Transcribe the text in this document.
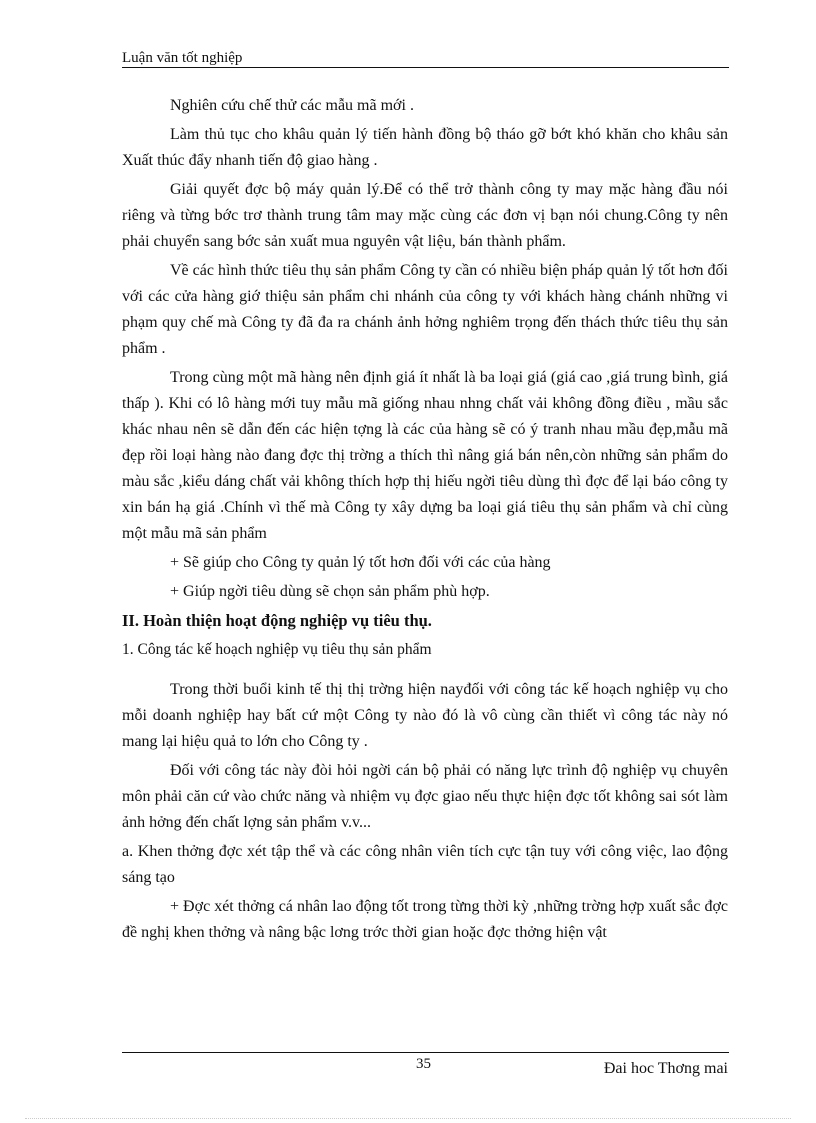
Luận văn tốt nghiệp

Nghiên cứu chế thử các mẫu mã mới .

Làm thủ tục cho khâu quản lý tiến hành đồng bộ tháo gỡ bớt khó khăn cho khâu sản Xuất thúc đẩy nhanh tiến độ giao hàng .

Giải quyết đợc bộ máy quản lý.Để có thể trở thành công ty may mặc hàng đầu nói riêng và từng bớc trơ thành trung tâm may mặc cùng các đơn vị bạn nói chung.Công ty nên phải chuyển sang bớc sản xuất mua nguyên vật liệu, bán thành phẩm.

Về các hình thức tiêu thụ sản phẩm Công ty cần có nhiều biện pháp quản lý tốt hơn đối với các cửa hàng giớ thiệu sản phẩm chi nhánh của công ty với khách hàng chánh những vi phạm quy chế mà Công ty đã đa ra chánh ảnh hởng nghiêm trọng đến thách thức tiêu thụ sản phẩm .

Trong cùng một mã hàng nên định giá ít nhất là ba loại giá (giá cao ,giá trung bình, giá thấp ). Khi có lô hàng mới tuy mẫu mã giống nhau nhng chất vải không đồng điều , mầu sắc khác nhau nên sẽ dẫn đến các hiện tợng là các của hàng sẽ có ý tranh nhau mầu đẹp,mẫu mã đẹp rồi loại hàng nào đang đợc thị trờng a thích thì nâng giá bán nên,còn những sản phẩm do màu sắc ,kiểu dáng chất vải không thích hợp thị hiếu ngời tiêu dùng thì đợc để lại báo công ty xin bán hạ giá .Chính vì thế mà Công ty xây dựng ba loại giá tiêu thụ sản phẩm và chỉ cùng một mẫu mã sản phẩm

+ Sẽ giúp cho Công ty quản lý tốt hơn đối với các của hàng

+ Giúp ngời tiêu dùng sẽ chọn sản phẩm phù hợp.

II. Hoàn thiện hoạt động nghiệp vụ tiêu thụ.

1. Công tác kế hoạch nghiệp vụ tiêu thụ sản phẩm

Trong thời buổi kinh tế thị thị trờng hiện nayđối với công tác kế hoạch nghiệp vụ cho mỗi doanh nghiệp hay bất cứ một Công ty nào đó là vô cùng cần thiết vì công tác này nó mang lại hiệu quả to lớn cho Công ty .

Đối với công tác này đòi hỏi ngời cán bộ phải có năng lực trình độ nghiệp vụ chuyên môn phải căn cứ vào chức năng và nhiệm vụ đợc giao nếu thực hiện đợc tốt không sai sót làm ảnh hởng đến chất lợng sản phẩm v.v...

a. Khen thởng đợc xét tập thể và các công nhân viên tích cực tận tuy với công việc, lao động sáng tạo

+ Đợc xét thởng cá nhân lao động tốt trong từng thời kỳ ,những trờng hợp xuất sắc đợc đề nghị khen thởng và nâng bậc lơng trớc thời gian hoặc đợc thởng hiện vật

35	Đai hoc Thơng mai
